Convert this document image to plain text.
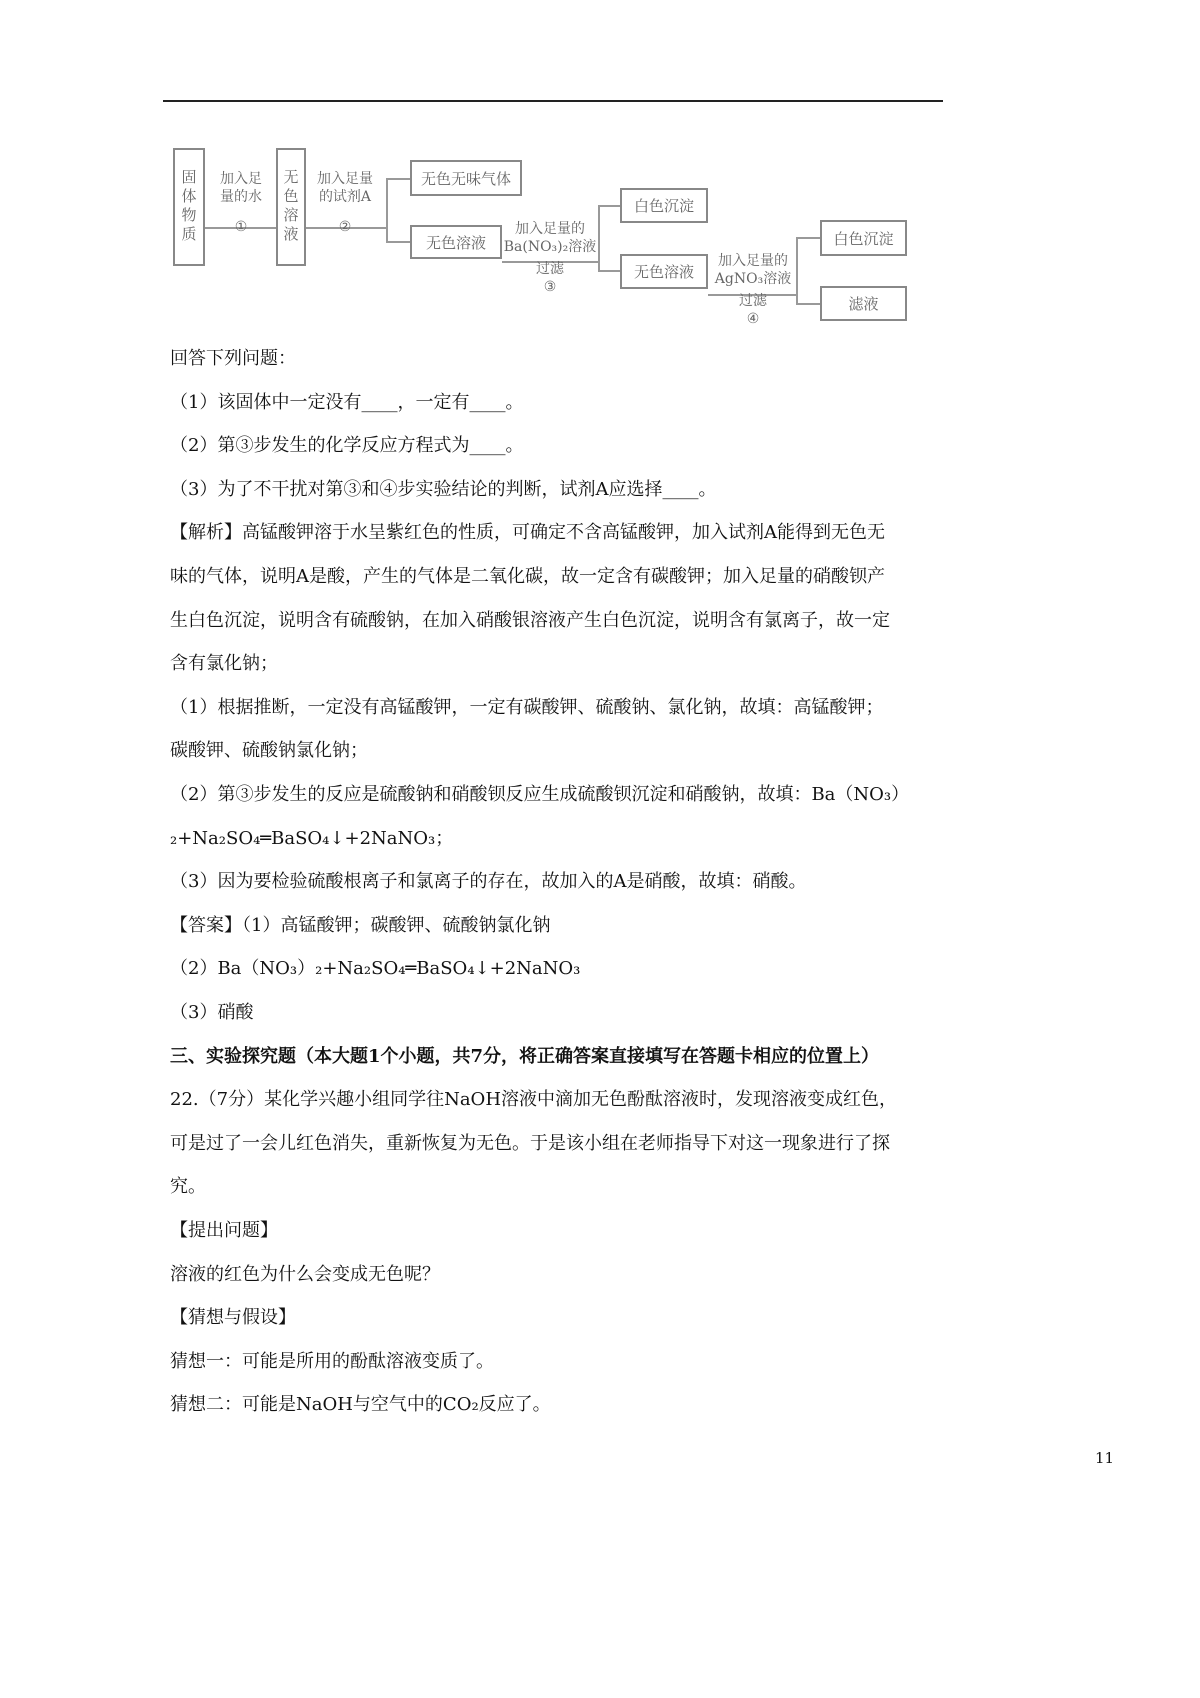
固体物质	无色溶液	无色无味气体
无色溶液
白色沉淀
无色溶液
白色沉淀
滤液
加入足
量的水
①
加入足量
的试剂A
②	加入足量的
Ba(NO₃)₂溶液
过滤
③
加入足量的
AgNO₃溶液
过滤
④
回答下列问题：
（1）该固体中一定没有____，一定有____。
（2）第③步发生的化学反应方程式为____。
（3）为了不干扰对第③和④步实验结论的判断，试剂A应选择____。
【解析】高锰酸钾溶于水呈紫红色的性质，可确定不含高锰酸钾，加入试剂A能得到无色无
味的气体，说明A是酸，产生的气体是二氧化碳，故一定含有碳酸钾；加入足量的硝酸钡产
生白色沉淀，说明含有硫酸钠，在加入硝酸银溶液产生白色沉淀，说明含有氯离子，故一定
含有氯化钠；
（1）根据推断，一定没有高锰酸钾，一定有碳酸钾、硫酸钠、氯化钠，故填：高锰酸钾；
碳酸钾、硫酸钠氯化钠；
（2）第③步发生的反应是硫酸钠和硝酸钡反应生成硫酸钡沉淀和硝酸钠，故填：Ba（NO₃）
₂+Na₂SO₄═BaSO₄↓+2NaNO₃；
（3）因为要检验硫酸根离子和氯离子的存在，故加入的A是硝酸，故填：硝酸。
【答案】（1）高锰酸钾；碳酸钾、硫酸钠氯化钠
（2）Ba（NO₃）₂+Na₂SO₄═BaSO₄↓+2NaNO₃
（3）硝酸
三、实验探究题（本大题1个小题，共7分，将正确答案直接填写在答题卡相应的位置上）
22.（7分）某化学兴趣小组同学往NaOH溶液中滴加无色酚酞溶液时，发现溶液变成红色，
可是过了一会儿红色消失，重新恢复为无色。于是该小组在老师指导下对这一现象进行了探
究。
【提出问题】
溶液的红色为什么会变成无色呢？
【猜想与假设】
猜想一：可能是所用的酚酞溶液变质了。
猜想二：可能是NaOH与空气中的CO₂反应了。
11
